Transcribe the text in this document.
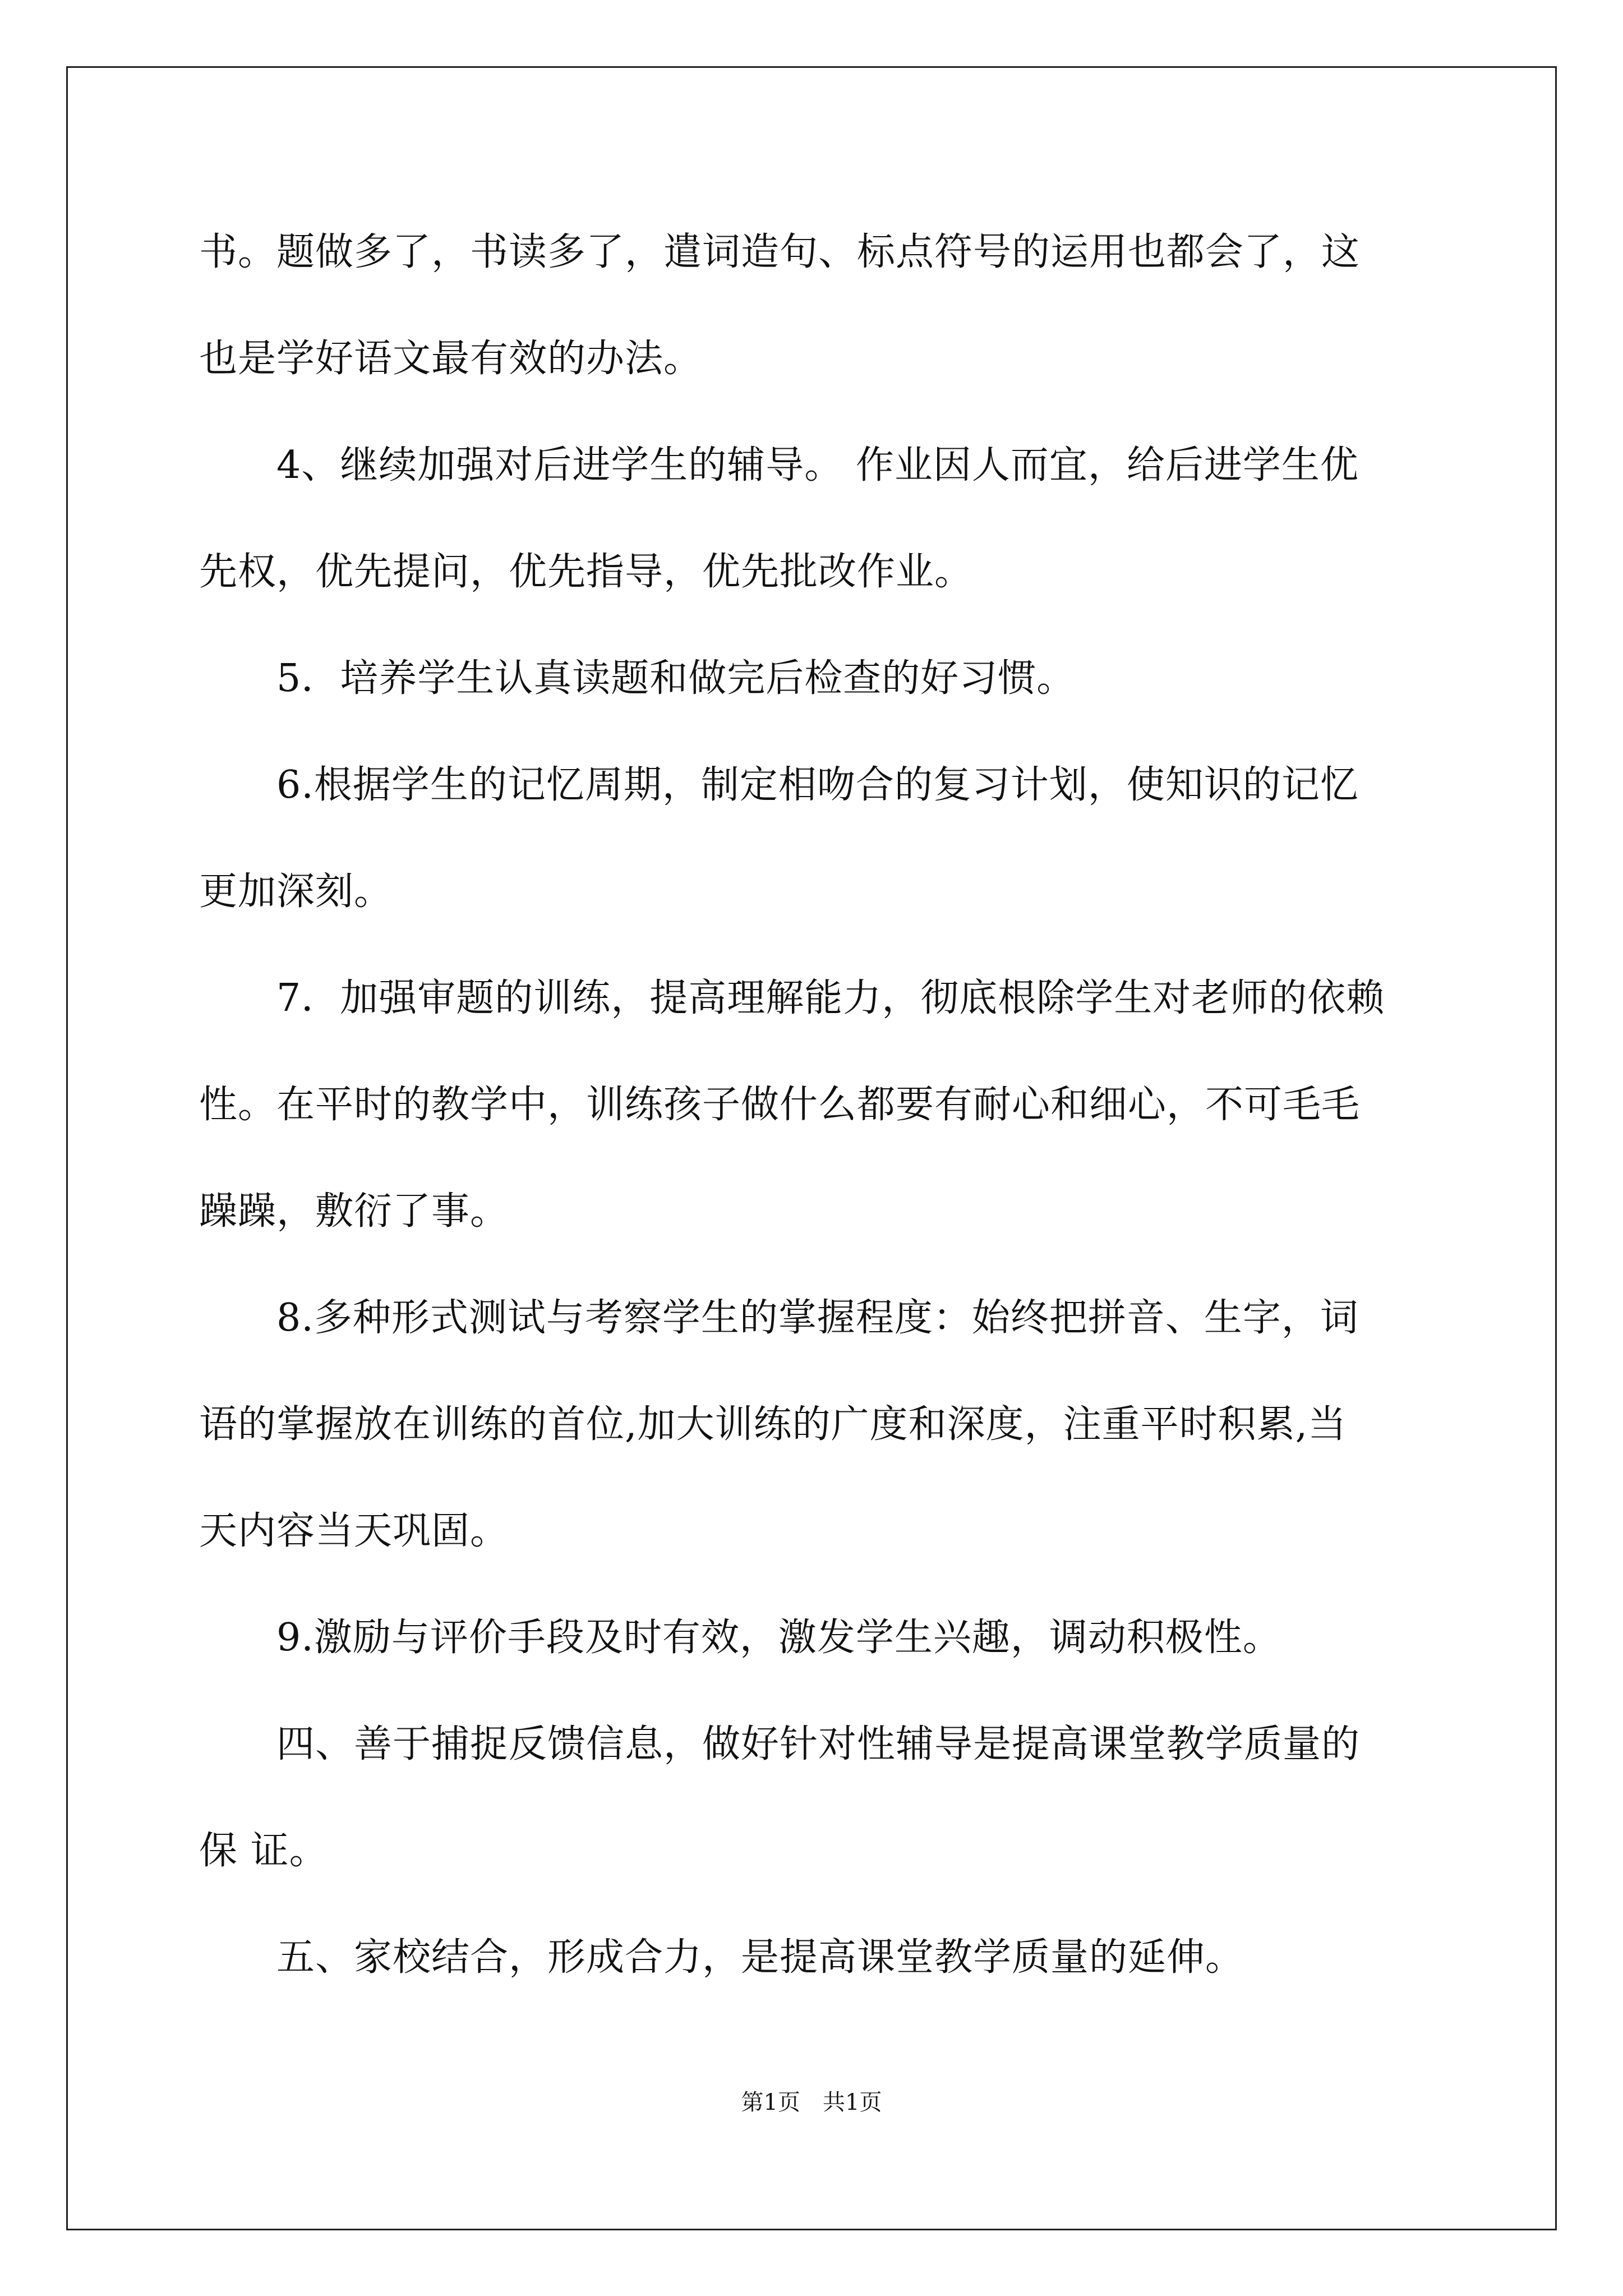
书。题做多了，书读多了，遣词造句、标点符号的运用也都会了，这
也是学好语文最有效的办法。
　　4、继续加强对后进学生的辅导。 作业因人而宜，给后进学生优
先权，优先提问，优先指导，优先批改作业。
　　5．培养学生认真读题和做完后检查的好习惯。
　　6.根据学生的记忆周期，制定相吻合的复习计划，使知识的记忆
更加深刻。
　　7．加强审题的训练，提高理解能力，彻底根除学生对老师的依赖
性。在平时的教学中，训练孩子做什么都要有耐心和细心，不可毛毛
躁躁，敷衍了事。
　　8.多种形式测试与考察学生的掌握程度：始终把拼音、生字，词
语的掌握放在训练的首位,加大训练的广度和深度，注重平时积累,当
天内容当天巩固。
　　9.激励与评价手段及时有效，激发学生兴趣，调动积极性。
　　四、善于捕捉反馈信息，做好针对性辅导是提高课堂教学质量的
保 证。
　　五、家校结合，形成合力，是提高课堂教学质量的延伸。
第1页　共1页
